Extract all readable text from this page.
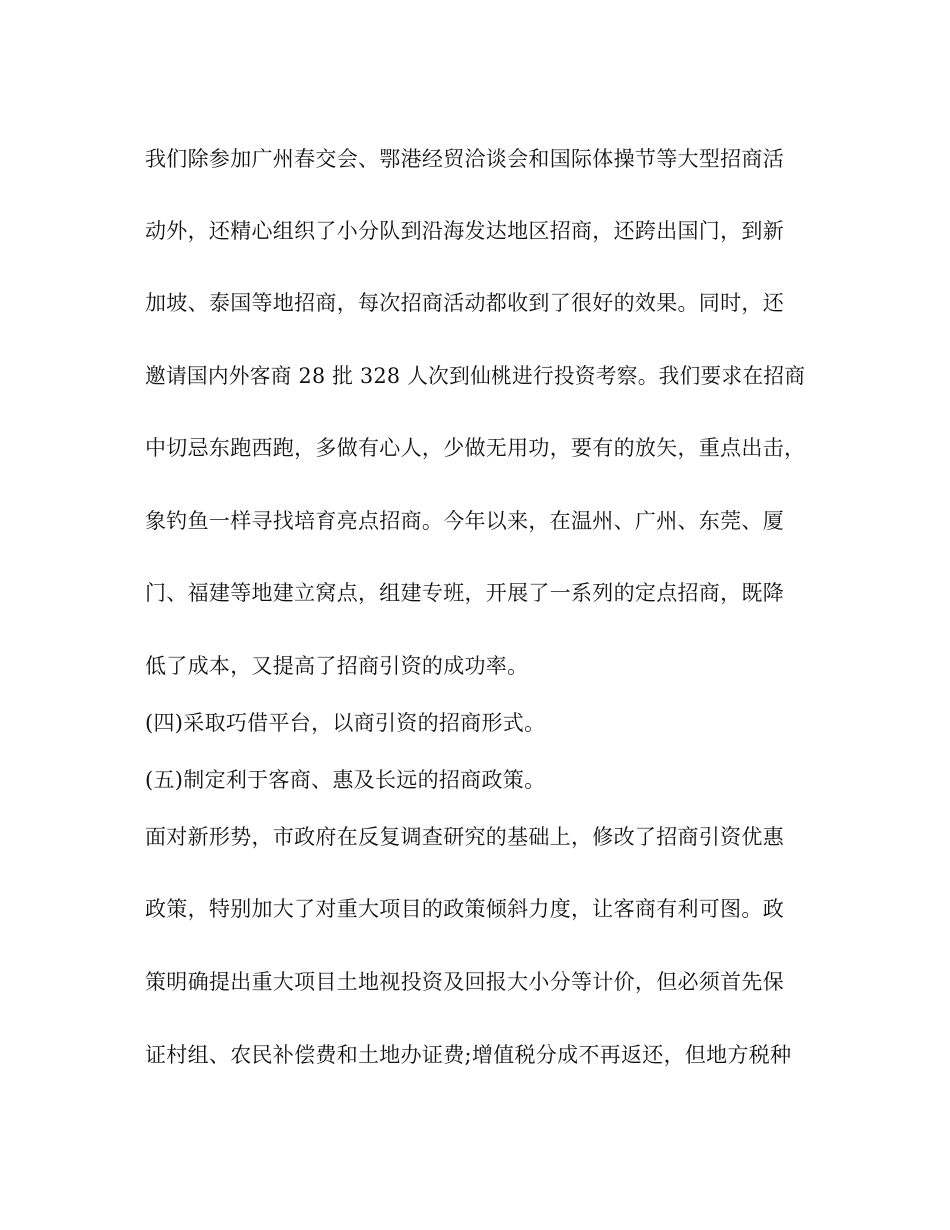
我们除参加广州春交会、鄂港经贸洽谈会和国际体操节等大型招商活
动外，还精心组织了小分队到沿海发达地区招商，还跨出国门，到新
加坡、泰国等地招商，每次招商活动都收到了很好的效果。同时，还
邀请国内外客商 28 批 328 人次到仙桃进行投资考察。我们要求在招商
中切忌东跑西跑，多做有心人，少做无用功，要有的放矢，重点出击，
象钓鱼一样寻找培育亮点招商。今年以来，在温州、广州、东莞、厦
门、福建等地建立窝点，组建专班，开展了一系列的定点招商，既降
低了成本，又提高了招商引资的成功率。
(四)采取巧借平台，以商引资的招商形式。
(五)制定利于客商、惠及长远的招商政策。
面对新形势，市政府在反复调查研究的基础上，修改了招商引资优惠
政策，特别加大了对重大项目的政策倾斜力度，让客商有利可图。政
策明确提出重大项目土地视投资及回报大小分等计价，但必须首先保
证村组、农民补偿费和土地办证费;增值税分成不再返还，但地方税种
